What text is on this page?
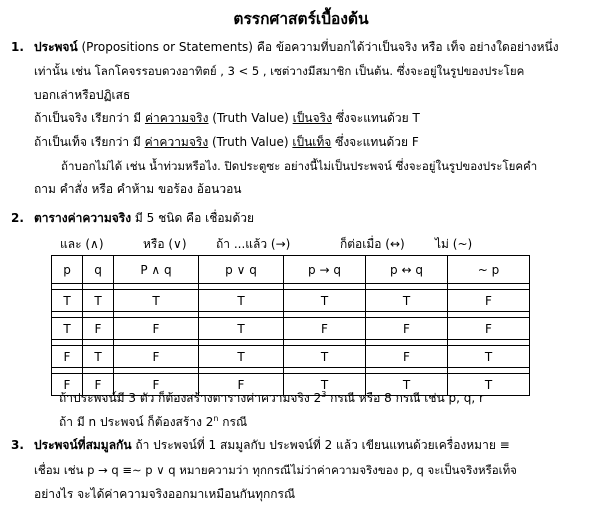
ตรรกศาสตร์เบื้องต้น
1. ประพจน์ (Propositions or Statements) คือ ข้อความที่บอกได้ว่าเป็นจริง หรือ เท็จ อย่างใดอย่างหนึ่ง
เท่านั้น เช่น โลกโคจรรอบดวงอาทิตย์ , 3 < 5 , เซต่วางมีสมาชิก เป็นต้น. ซึ่งจะอยู่ในรูปของประโยค
บอกเล่าหรือปฏิเสธ
ถ้าเป็นจริง เรียกว่า มี ค่าความจริง (Truth Value) เป็นจริง ซึ่งจะแทนด้วย T
ถ้าเป็นเท็จ เรียกว่า มี ค่าความจริง (Truth Value) เป็นเท็จ ซึ่งจะแทนด้วย F
ถ้าบอกไม่ได้ เช่น น้ำท่วมหรือไง. ปิดประตูซะ อย่างนี้ไม่เป็นประพจน์ ซึ่งจะอยู่ในรูปของประโยคคำ
ถาม คำสั่ง หรือ คำห้าม ขอร้อง อ้อนวอน
2. ตารางค่าความจริง มี 5 ชนิด คือ เชื่อมด้วย
และ (∧)	หรือ (∨) ถ้า ...แล้ว (→)	ก็ต่อเมื่อ (↔)	ไม่ (~)
p	q	P ∧ q	p ∨ q	p → q	p ↔ q	~ p

T	T	T	T	T	T	F

T	F	F	T	F	F	F

F	T	F	T	T	F	T

F	F	F	F	T	T	T
ถ้าประพจน์มี 3 ตัว ก็ต้องสร้างตารางค่าความจริง $2^3$ กรณี หรือ 8 กรณี เช่น p, q, r
ถ้า มี n ประพจน์ ก็ต้องสร้าง 2$^n$ กรณี
3. ประพจน์ที่สมมูลกัน ถ้า ประพจน์ที่ 1 สมมูลกับ ประพจน์ที่ 2 แล้ว เขียนแทนด้วยเครื่องหมาย ≡
เชื่อม เช่น p → q ≡∼ p ∨ q หมายความว่า ทุกกรณีไม่ว่าค่าความจริงของ p, q จะเป็นจริงหรือเท็จ
อย่างไร จะได้ค่าความจริงออกมาเหมือนกันทุกกรณี
